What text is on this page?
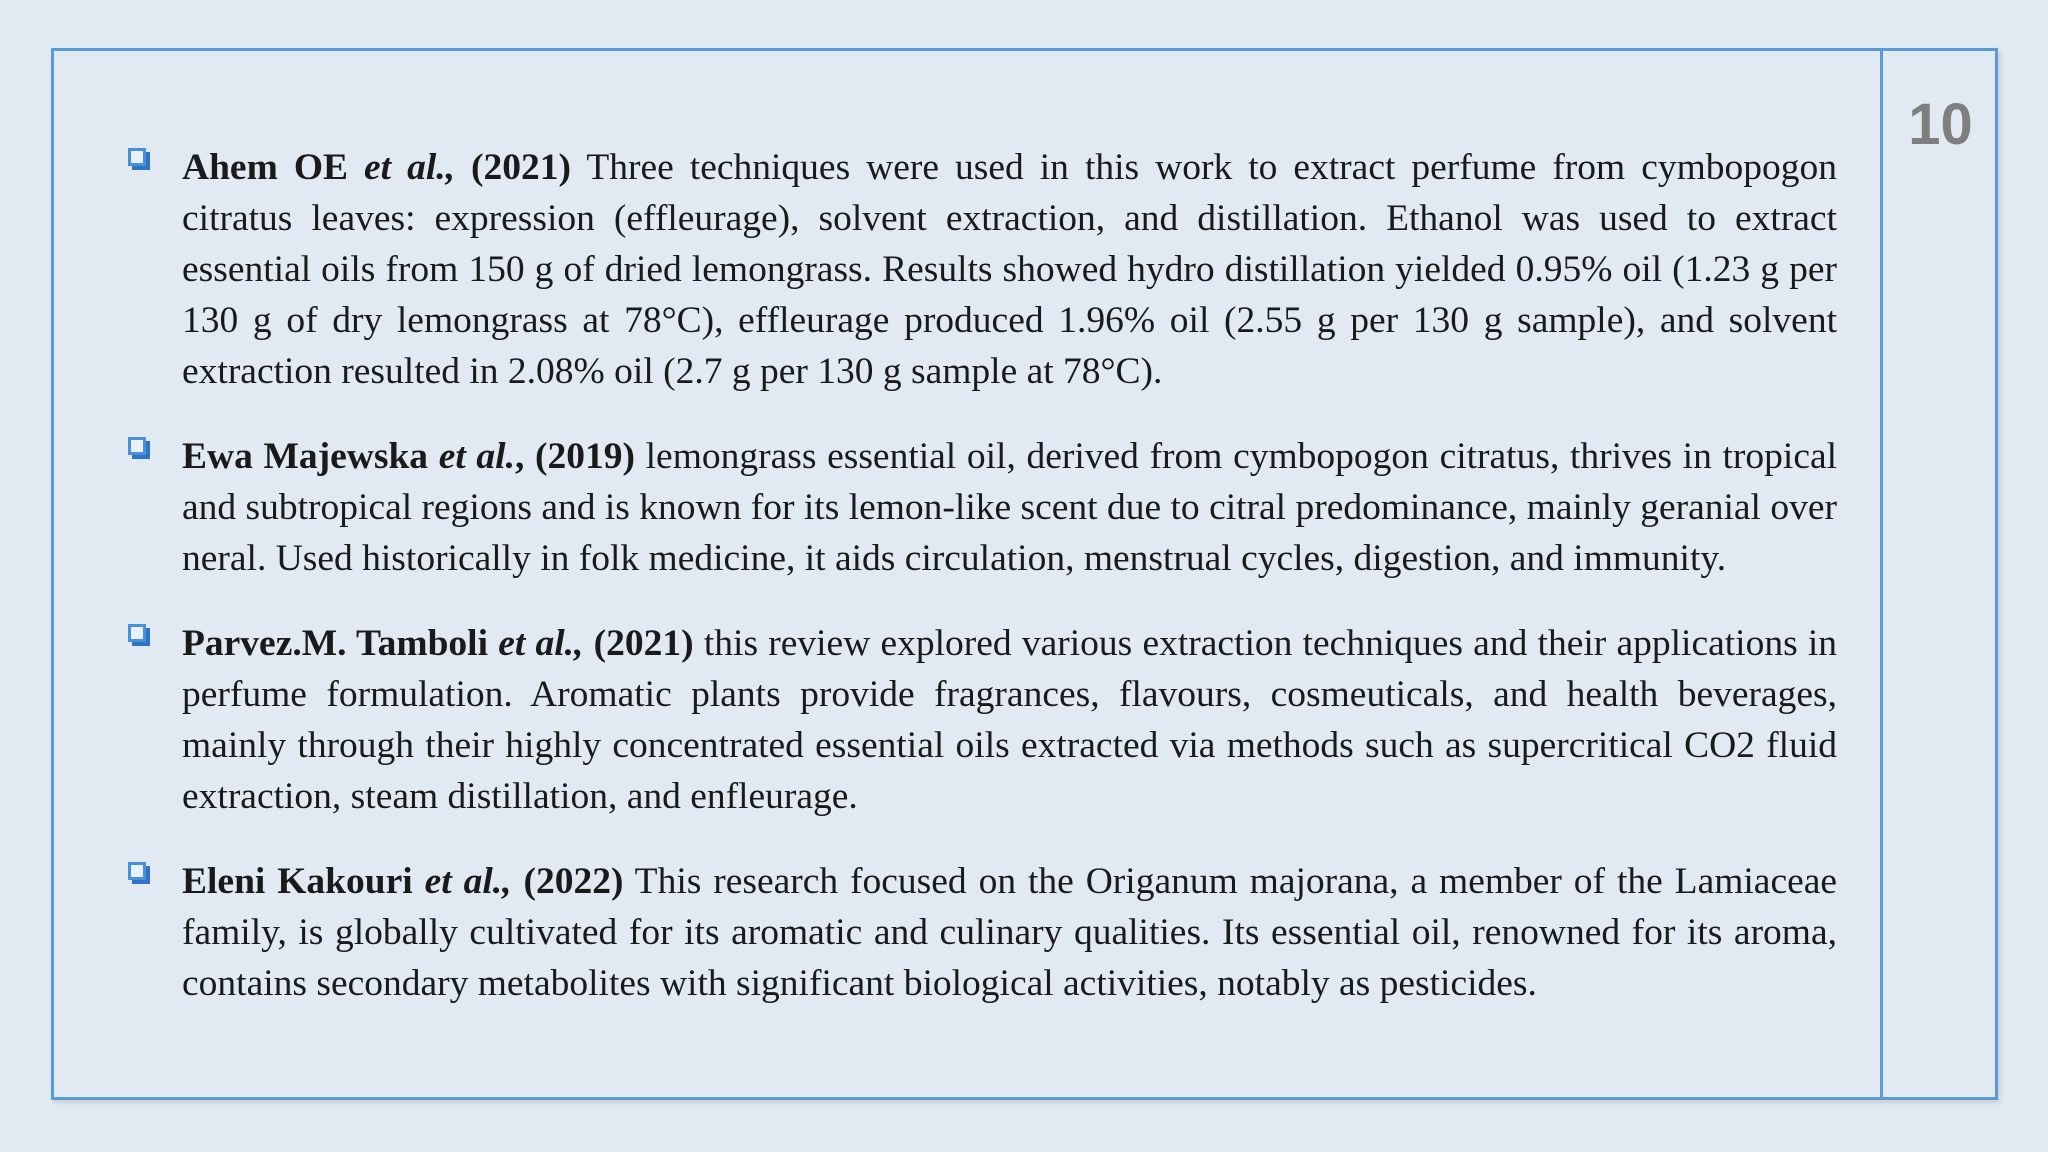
10
Ahem OE et al., (2021) Three techniques were used in this work to extract perfume from cymbopogon citratus leaves: expression (effleurage), solvent extraction, and distillation. Ethanol was used to extract essential oils from 150 g of dried lemongrass. Results showed hydro distillation yielded 0.95% oil (1.23 g per 130 g of dry lemongrass at 78°C), effleurage produced 1.96% oil (2.55 g per 130 g sample), and solvent extraction resulted in 2.08% oil (2.7 g per 130 g sample at 78°C).
Ewa Majewska et al., (2019) lemongrass essential oil, derived from cymbopogon citratus, thrives in tropical and subtropical regions and is known for its lemon-like scent due to citral predominance, mainly geranial over neral. Used historically in folk medicine, it aids circulation, menstrual cycles, digestion, and immunity.
Parvez.M. Tamboli et al., (2021) this review explored various extraction techniques and their applications in perfume formulation. Aromatic plants provide fragrances, flavours, cosmeuticals, and health beverages, mainly through their highly concentrated essential oils extracted via methods such as supercritical CO2 fluid extraction, steam distillation, and enfleurage.
Eleni Kakouri et al., (2022) This research focused on the Origanum majorana, a member of the Lamiaceae family, is globally cultivated for its aromatic and culinary qualities. Its essential oil, renowned for its aroma, contains secondary metabolites with significant biological activities, notably as pesticides.
